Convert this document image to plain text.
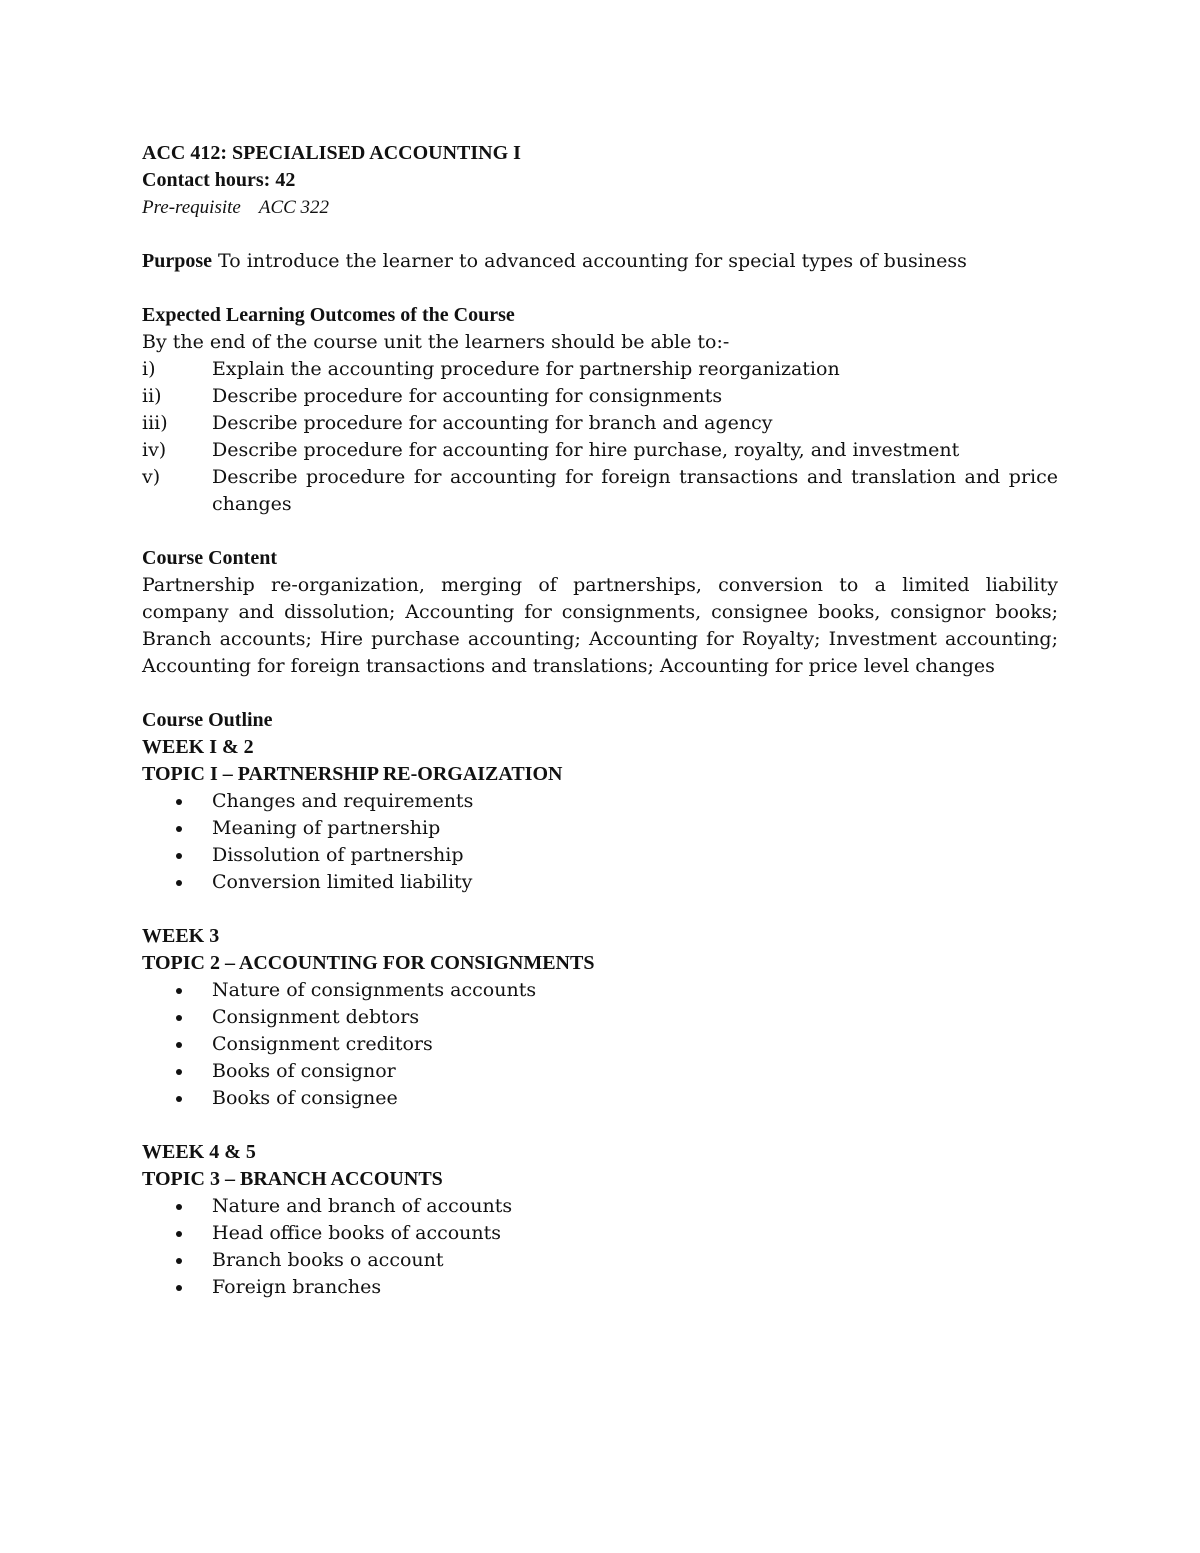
ACC 412: SPECIALISED ACCOUNTING I

Contact hours: 42

Pre-requisite ACC 322

Purpose To introduce the learner to advanced accounting for special types of business

Expected Learning Outcomes of the Course

By the end of the course unit the learners should be able to:-

i)	Explain the accounting procedure for partnership reorganization
ii)	Describe procedure for accounting for consignments
iii) Describe procedure for accounting for branch and agency
iv) Describe procedure for accounting for hire purchase, royalty, and investment
v)	Describe procedure for accounting for foreign transactions and translation and price changes

Course Content

Partnership re-organization, merging of partnerships, conversion to a limited liability company and dissolution; Accounting for consignments, consignee books, consignor books; Branch accounts; Hire purchase accounting; Accounting for Royalty; Investment accounting; Accounting for foreign transactions and translations; Accounting for price level changes

Course Outline

WEEK I & 2

TOPIC I – PARTNERSHIP RE-ORGAIZATION

Changes and requirements
Meaning of partnership
Dissolution of partnership
Conversion limited liability

WEEK 3

TOPIC 2 – ACCOUNTING FOR CONSIGNMENTS

Nature of consignments accounts
Consignment debtors
Consignment creditors
Books of consignor
Books of consignee

WEEK 4 & 5

TOPIC 3 – BRANCH ACCOUNTS

Nature and branch of accounts
Head office books of accounts
Branch books o account
Foreign branches
